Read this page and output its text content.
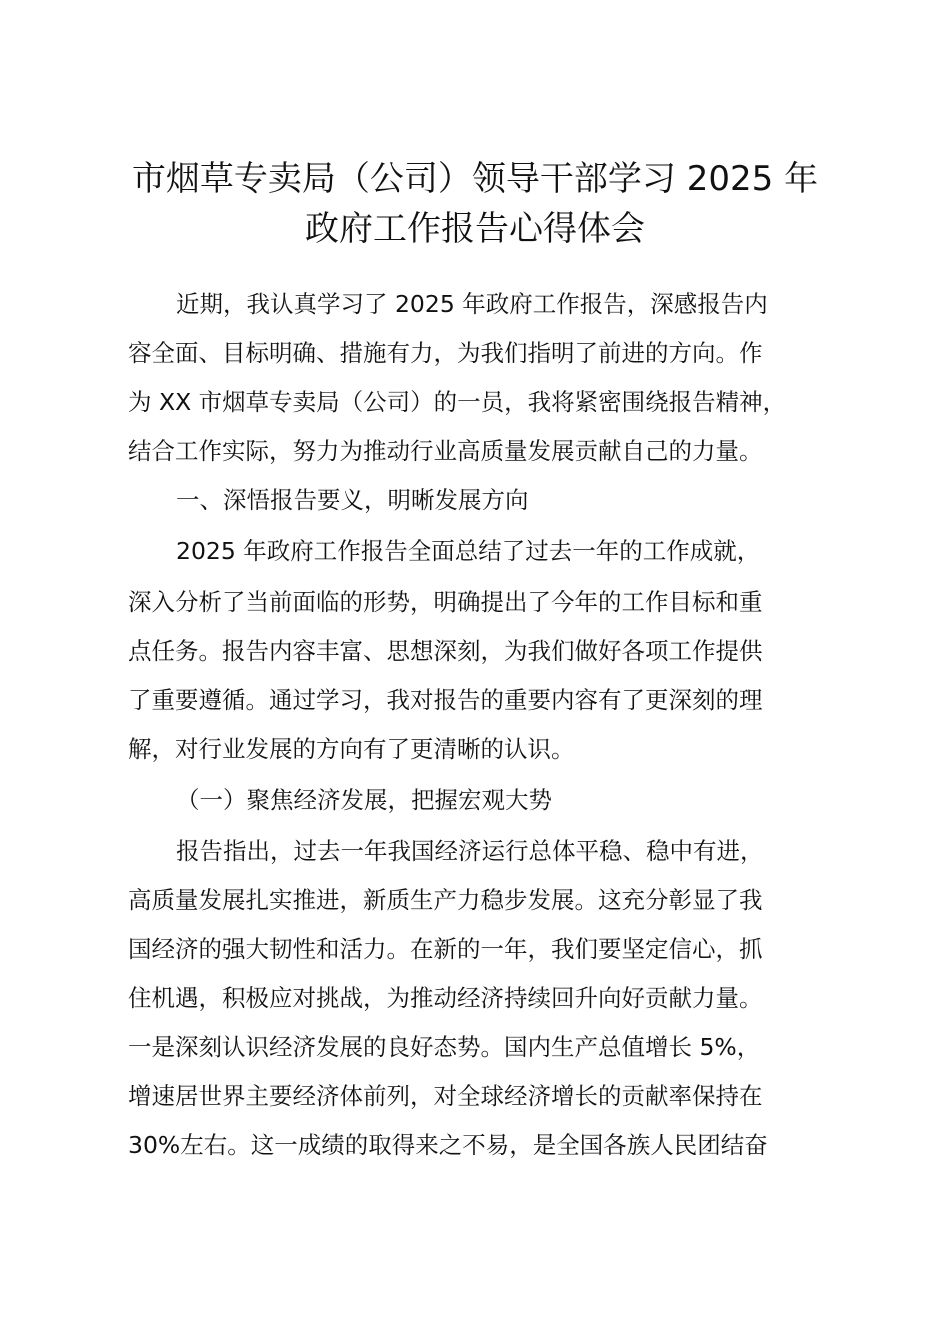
市烟草专卖局（公司）领导干部学习 2025 年
政府工作报告心得体会

近期，我认真学习了 2025 年政府工作报告，深感报告内

容全面、目标明确、措施有力，为我们指明了前进的方向。作

为 XX 市烟草专卖局（公司）的一员，我将紧密围绕报告精神，

结合工作实际，努力为推动行业高质量发展贡献自己的力量。

一、深悟报告要义，明晰发展方向

2025 年政府工作报告全面总结了过去一年的工作成就，

深入分析了当前面临的形势，明确提出了今年的工作目标和重

点任务。报告内容丰富、思想深刻，为我们做好各项工作提供

了重要遵循。通过学习，我对报告的重要内容有了更深刻的理

解，对行业发展的方向有了更清晰的认识。

（一）聚焦经济发展，把握宏观大势

报告指出，过去一年我国经济运行总体平稳、稳中有进，

高质量发展扎实推进，新质生产力稳步发展。这充分彰显了我

国经济的强大韧性和活力。在新的一年，我们要坚定信心，抓

住机遇，积极应对挑战，为推动经济持续回升向好贡献力量。

一是深刻认识经济发展的良好态势。国内生产总值增长 5%，

增速居世界主要经济体前列，对全球经济增长的贡献率保持在

30%左右。这一成绩的取得来之不易，是全国各族人民团结奋
